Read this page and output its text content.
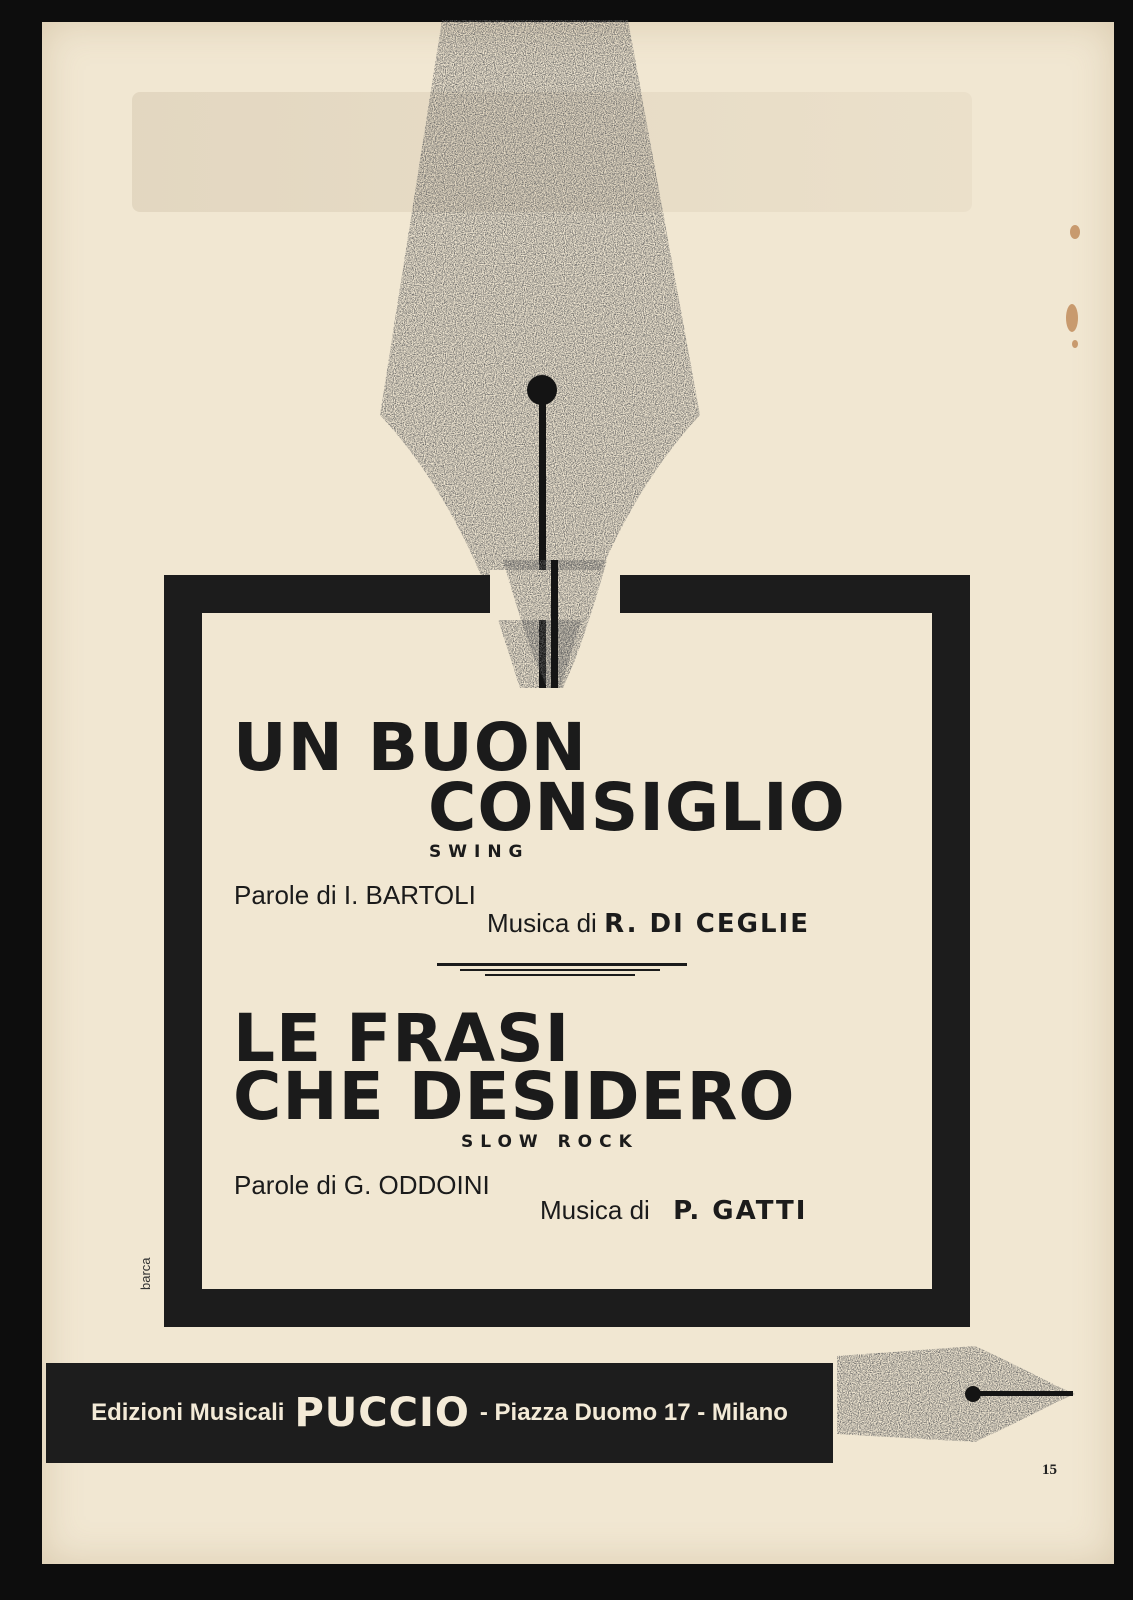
UN BUON
CONSIGLIO
SWING
Parole di I. BARTOLI
Musica di R. DI CEGLIE
LE FRASI
CHE DESIDERO
SLOW ROCK
Parole di G. ODDOINI
Musica di P. GATTI
barca
Edizioni Musicali PUCCIO - Piazza Duomo 17 - Milano
15
